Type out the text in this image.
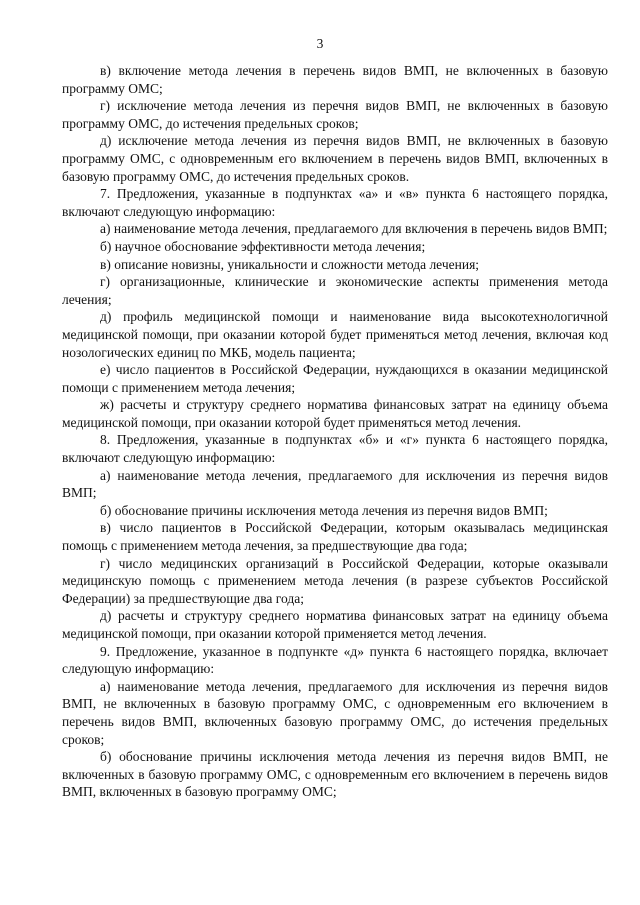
3

в) включение метода лечения в перечень видов ВМП, не включенных в базовую программу ОМС;

г) исключение метода лечения из перечня видов ВМП, не включенных в базовую программу ОМС, до истечения предельных сроков;

д) исключение метода лечения из перечня видов ВМП, не включенных в базовую программу ОМС, с одновременным его включением в перечень видов ВМП, включенных в базовую программу ОМС, до истечения предельных сроков.

7. Предложения, указанные в подпунктах «а» и «в» пункта 6 настоящего порядка, включают следующую информацию:

а) наименование метода лечения, предлагаемого для включения в перечень видов ВМП;

б) научное обоснование эффективности метода лечения;

в) описание новизны, уникальности и сложности метода лечения;

г) организационные, клинические и экономические аспекты применения метода лечения;

д) профиль медицинской помощи и наименование вида высокотехнологичной медицинской помощи, при оказании которой будет применяться метод лечения, включая код нозологических единиц по МКБ, модель пациента;

е) число пациентов в Российской Федерации, нуждающихся в оказании медицинской помощи с применением метода лечения;

ж) расчеты и структуру среднего норматива финансовых затрат на единицу объема медицинской помощи, при оказании которой будет применяться метод лечения.

8. Предложения, указанные в подпунктах «б» и «г» пункта 6 настоящего порядка, включают следующую информацию:

а) наименование метода лечения, предлагаемого для исключения из перечня видов ВМП;

б) обоснование причины исключения метода лечения из перечня видов ВМП;

в) число пациентов в Российской Федерации, которым оказывалась медицинская помощь с применением метода лечения, за предшествующие два года;

г) число медицинских организаций в Российской Федерации, которые оказывали медицинскую помощь с применением метода лечения (в разрезе субъектов Российской Федерации) за предшествующие два года;

д) расчеты и структуру среднего норматива финансовых затрат на единицу объема медицинской помощи, при оказании которой применяется метод лечения.

9. Предложение, указанное в подпункте «д» пункта 6 настоящего порядка, включает следующую информацию:

а) наименование метода лечения, предлагаемого для исключения из перечня видов ВМП, не включенных в базовую программу ОМС, с одновременным его включением в перечень видов ВМП, включенных базовую программу ОМС, до истечения предельных сроков;

б) обоснование причины исключения метода лечения из перечня видов ВМП, не включенных в базовую программу ОМС, с одновременным его включением в перечень видов ВМП, включенных в базовую программу ОМС;
